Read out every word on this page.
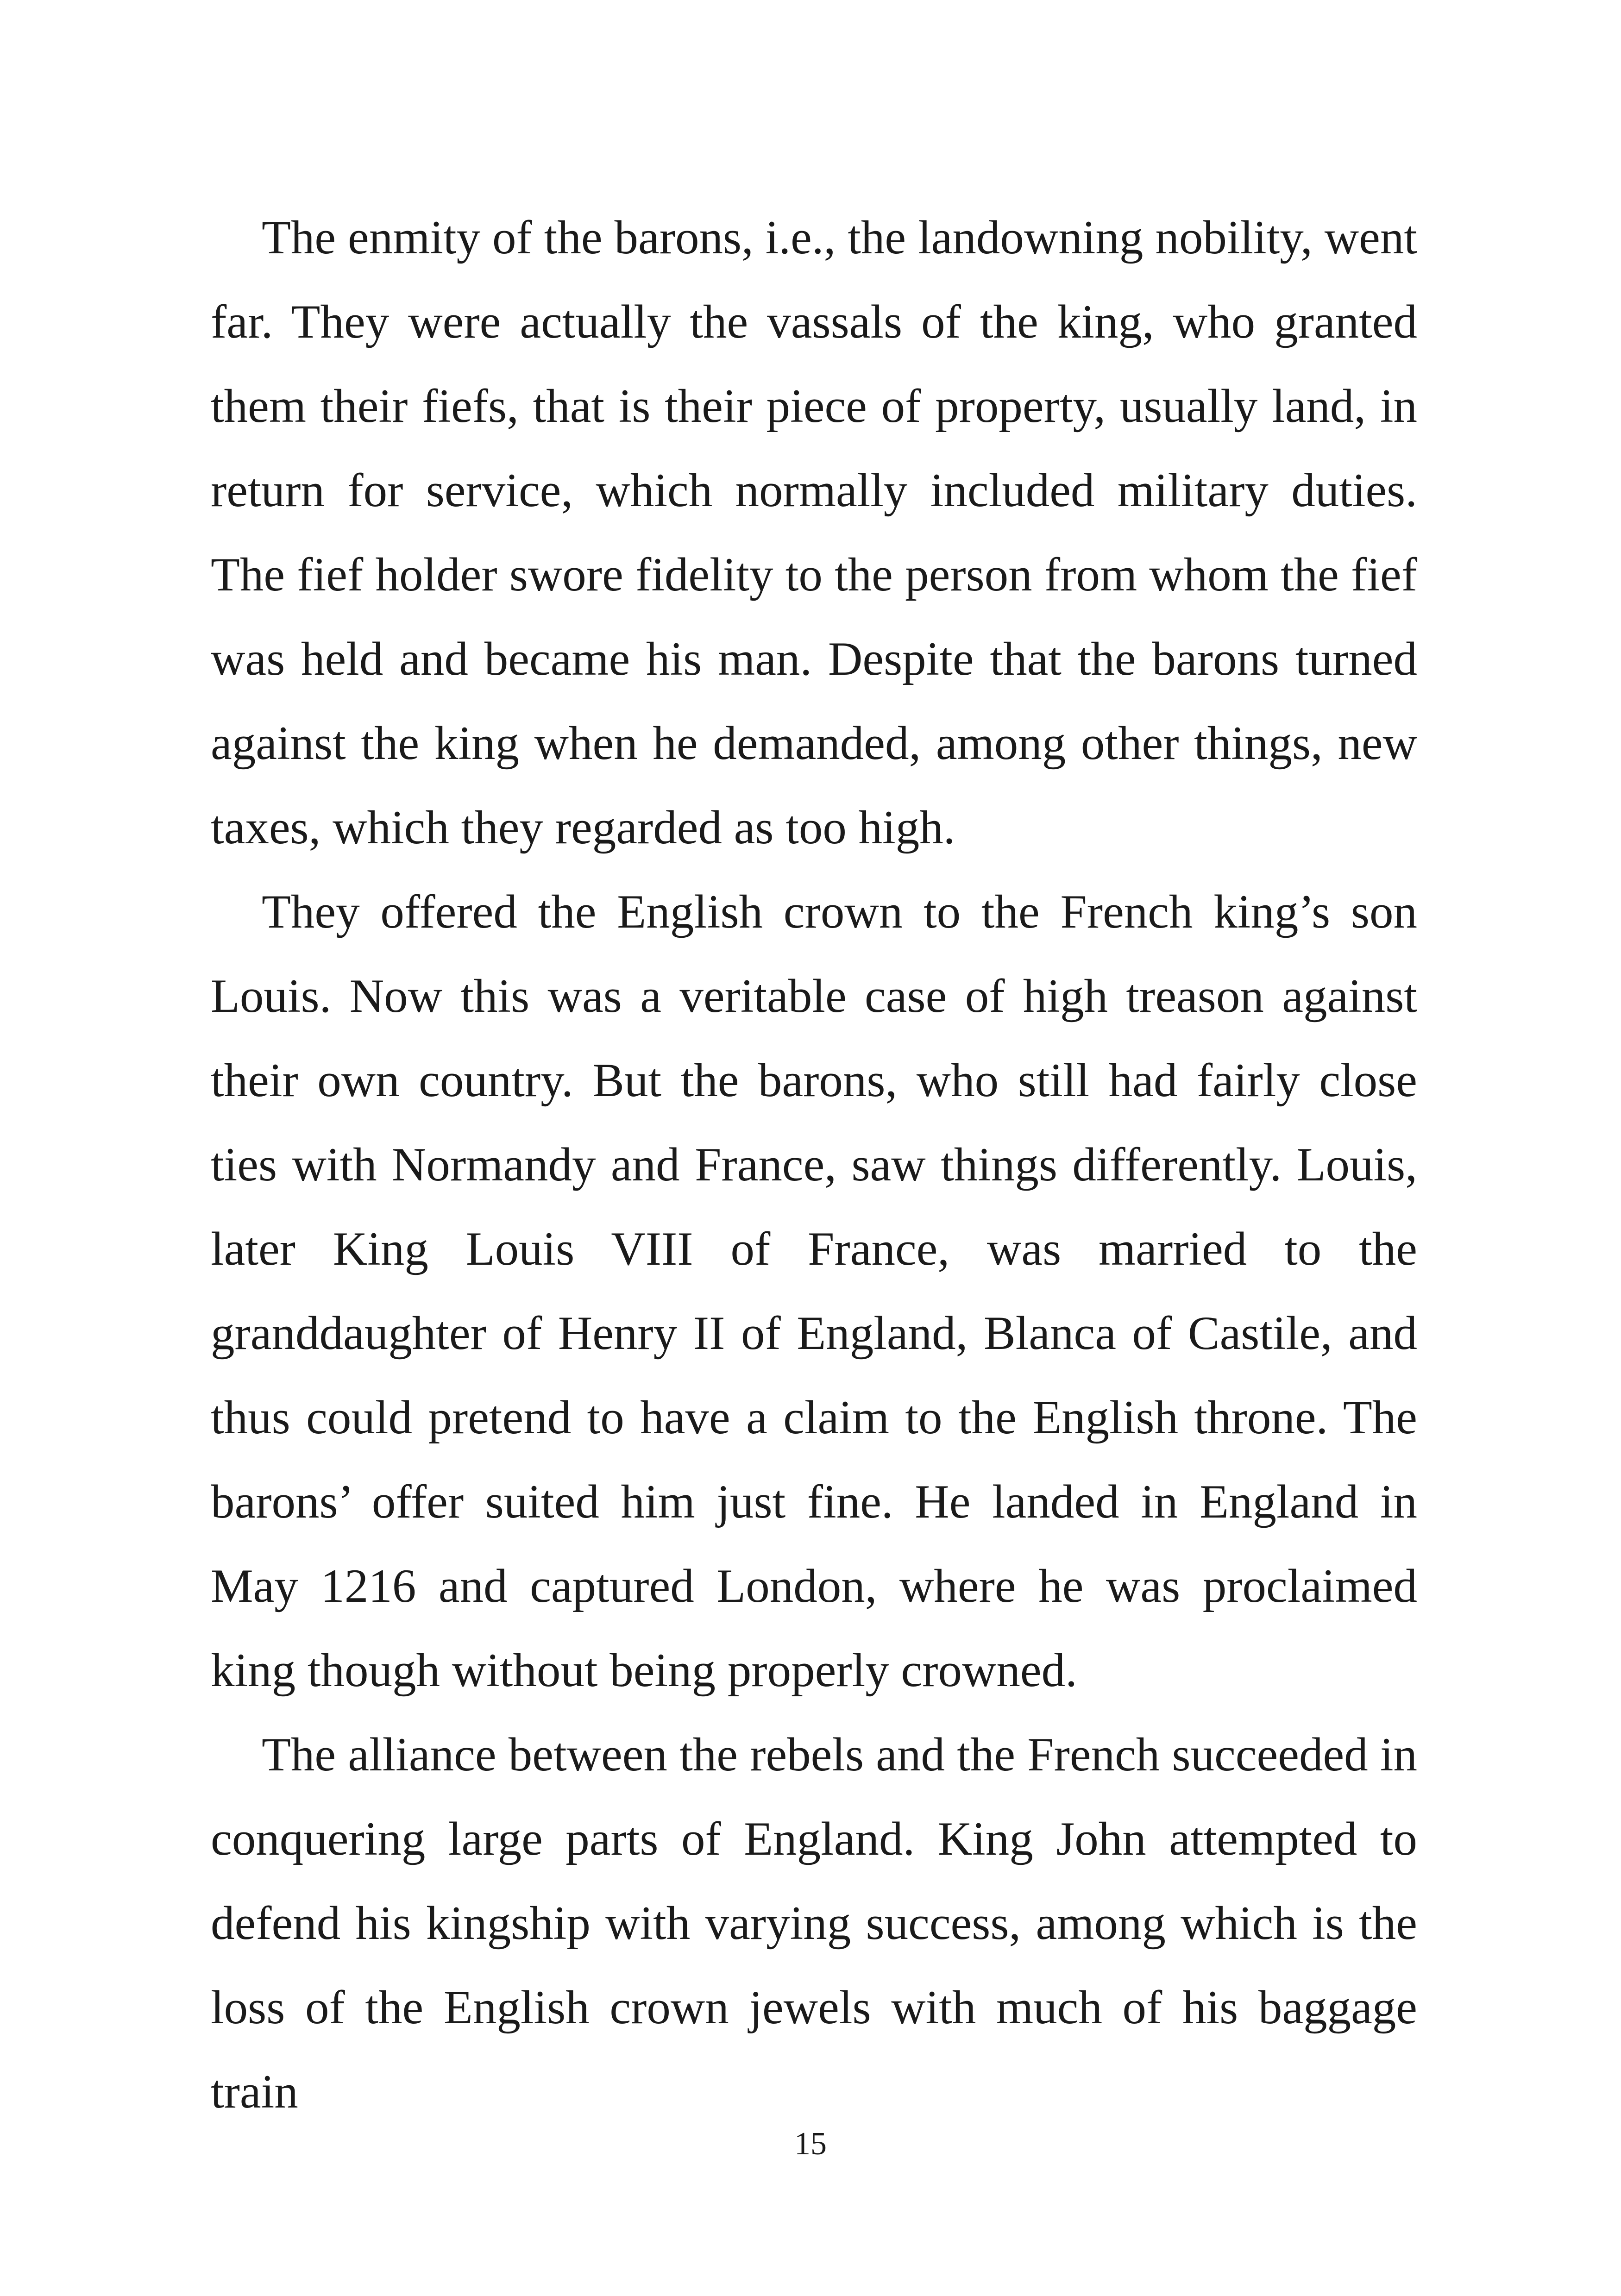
The enmity of the barons, i.e., the landowning nobility, went far. They were actually the vassals of the king, who granted them their fiefs, that is their piece of property, usually land, in return for service, which normally included military duties. The fief holder swore fidelity to the person from whom the fief was held and became his man. Despite that the barons turned against the king when he demanded, among other things, new taxes, which they regarded as too high.

They offered the English crown to the French king’s son Louis. Now this was a veritable case of high treason against their own country. But the barons, who still had fairly close ties with Normandy and France, saw things differently. Louis, later King Louis VIII of France, was married to the granddaughter of Henry II of England, Blanca of Castile, and thus could pretend to have a claim to the English throne. The barons’ offer suited him just fine. He landed in England in May 1216 and captured London, where he was proclaimed king though without being properly crowned.

The alliance between the rebels and the French succeeded in conquering large parts of England. King John attempted to defend his kingship with varying success, among which is the loss of the English crown jewels with much of his baggage train

15
